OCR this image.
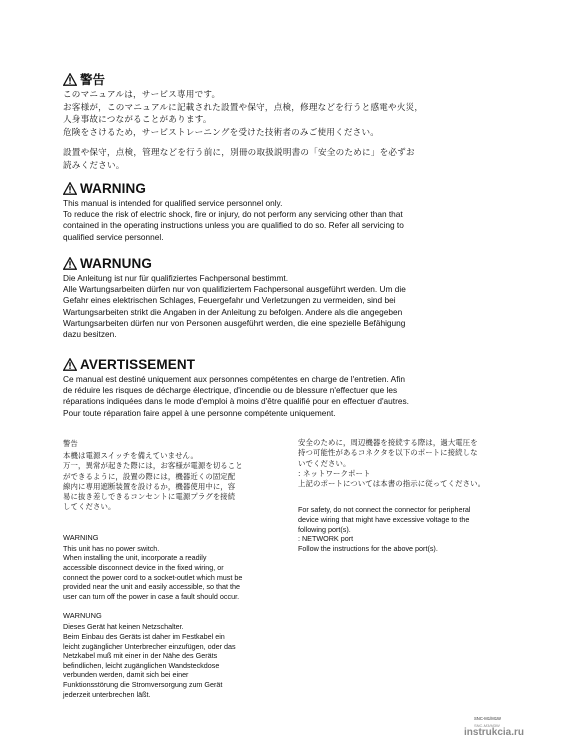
警告
このマニュアルは，サービス専用です。
お客様が，このマニュアルに記載された設置や保守，点検，修理などを行うと感電や火災，
人身事故につながることがあります。
危険をさけるため，サービストレーニングを受けた技術者のみご使用ください。
設置や保守，点検，管理などを行う前に，別冊の取扱説明書の「安全のために」を必ずお
読みください。
WARNING
This manual is intended for qualified service personnel only.
To reduce the risk of electric shock, fire or injury, do not perform any servicing other than that
contained in the operating instructions unless you are qualified to do so. Refer all servicing to
qualified service personnel.
WARNUNG
Die Anleitung ist nur für qualifiziertes Fachpersonal bestimmt.
Alle Wartungsarbeiten dürfen nur von qualifiziertem Fachpersonal ausgeführt werden. Um die
Gefahr eines elektrischen Schlages, Feuergefahr und Verletzungen zu vermeiden, sind bei
Wartungsarbeiten strikt die Angaben in der Anleitung zu befolgen. Andere als die angegeben
Wartungsarbeiten dürfen nur von Personen ausgeführt werden, die eine spezielle Befähigung
dazu besitzen.
AVERTISSEMENT
Ce manual est destiné uniquement aux personnes compétentes en charge de l'entretien. Afin
de réduire les risques de décharge électrique, d'incendie ou de blessure n'effectuer que les
réparations indiquées dans le mode d'emploi à moins d'être qualifié pour en effectuer d'autres.
Pour toute réparation faire appel à une personne compétente uniquement.
警告
本機は電源スイッチを備えていません。
万一，異常が起きた際には，お客様が電源を切ること
ができるように，設置の際には，機器近くの固定配
線内に専用遮断装置を設けるか，機器使用中に，容
易に抜き差しできるコンセントに電源プラグを接続
してください。
WARNING
This unit has no power switch.
When installing the unit, incorporate a readily
accessible disconnect device in the fixed wiring, or
connect the power cord to a socket-outlet which must be
provided near the unit and easily accessible, so that the
user can turn off the power in case a fault should occur.
WARNUNG
Dieses Gerät hat keinen Netzschalter.
Beim Einbau des Geräts ist daher im Festkabel ein
leicht zugänglicher Unterbrecher einzufügen, oder das
Netzkabel muß mit einer in der Nähe des Geräts
befindlichen, leicht zugänglichen Wandsteckdose
verbunden werden, damit sich bei einer
Funktionsstörung die Stromversorgung zum Gerät
jederzeit unterbrechen läßt.
安全のために，周辺機器を接続する際は，過大電圧を
持つ可能性があるコネクタを以下のポートに接続しな
いでください。
: ネットワークポート
上記のポートについては本書の指示に従ってください。
For safety, do not connect the connector for peripheral
device wiring that might have excessive voltage to the
following port(s).
: NETWORK port
Follow the instructions for the above port(s).
SNC-M1/M1W
SNC-M3/M3W
instrukcia.ru
